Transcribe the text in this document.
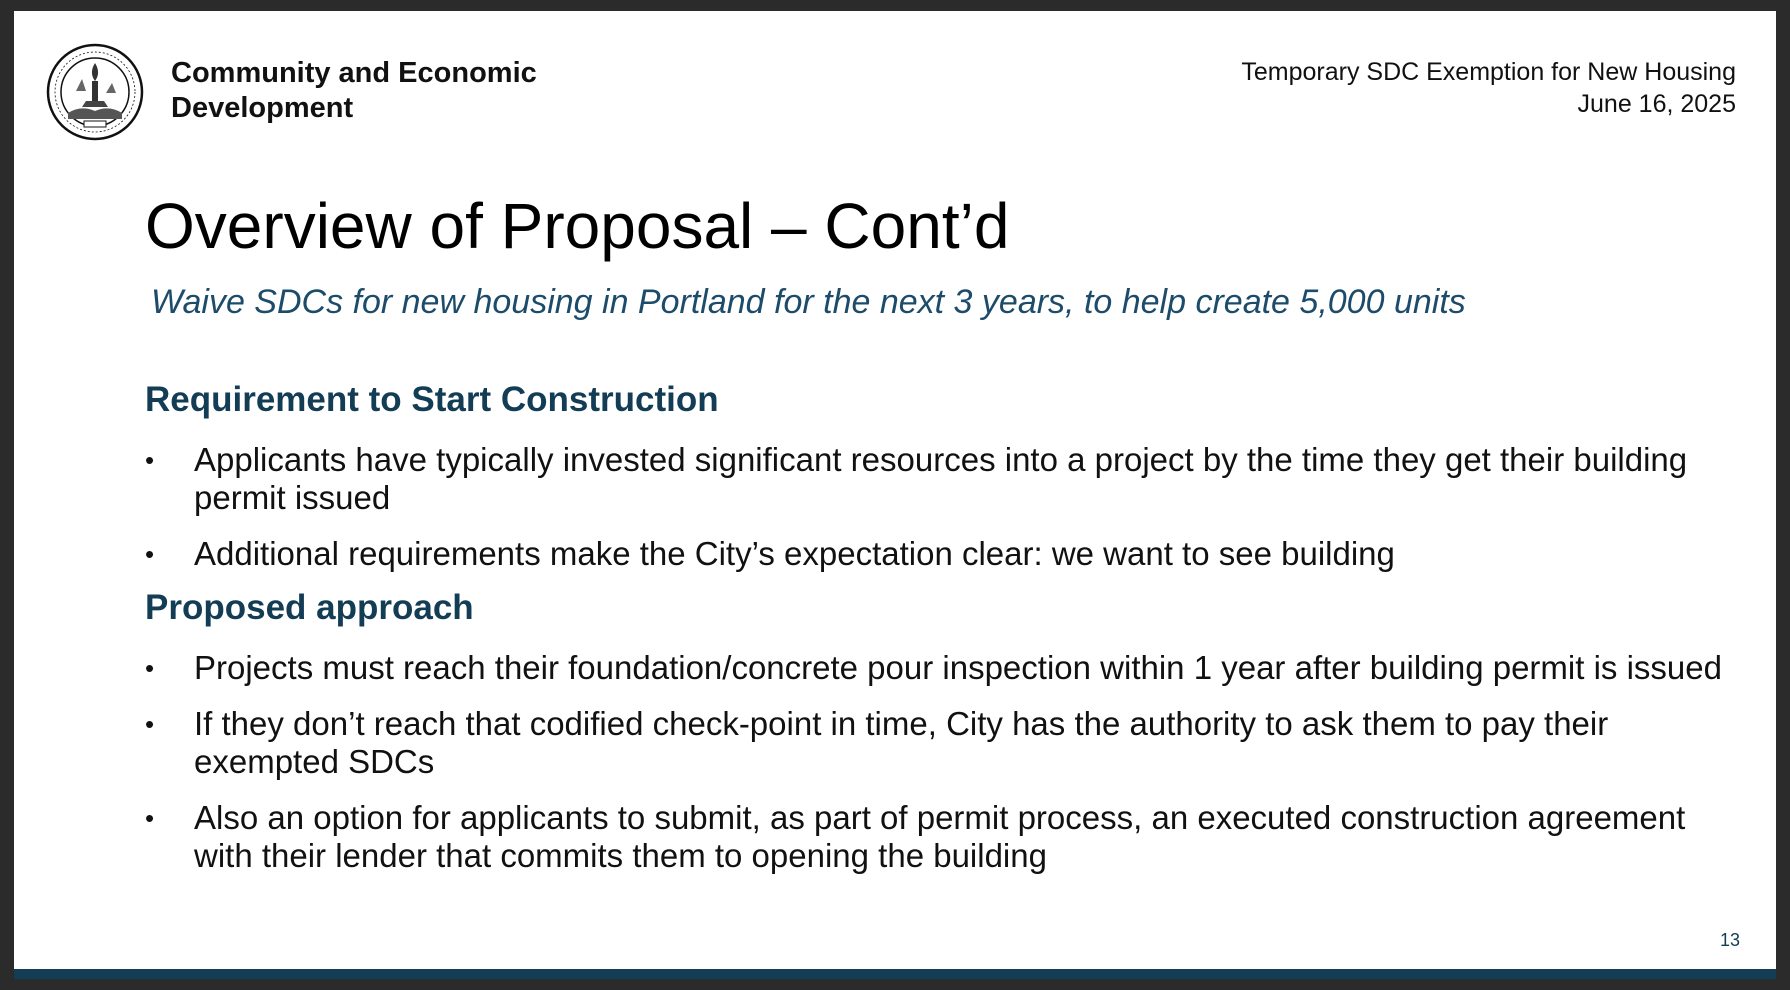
Community and Economic
Development
Temporary SDC Exemption for New Housing
June 16, 2025
Overview of Proposal – Cont’d
Waive SDCs for new housing in Portland for the next 3 years, to help create 5,000 units
Requirement to Start Construction
•	Applicants have typically invested significant resources into a project by the time they get their building permit issued
•	Additional requirements make the City’s expectation clear: we want to see building
Proposed approach
•	Projects must reach their foundation/concrete pour inspection within 1 year after building permit is issued
•	If they don’t reach that codified check-point in time, City has the authority to ask them to pay their exempted SDCs
•	Also an option for applicants to submit, as part of permit process, an executed construction agreement with their lender that commits them to opening the building
13
